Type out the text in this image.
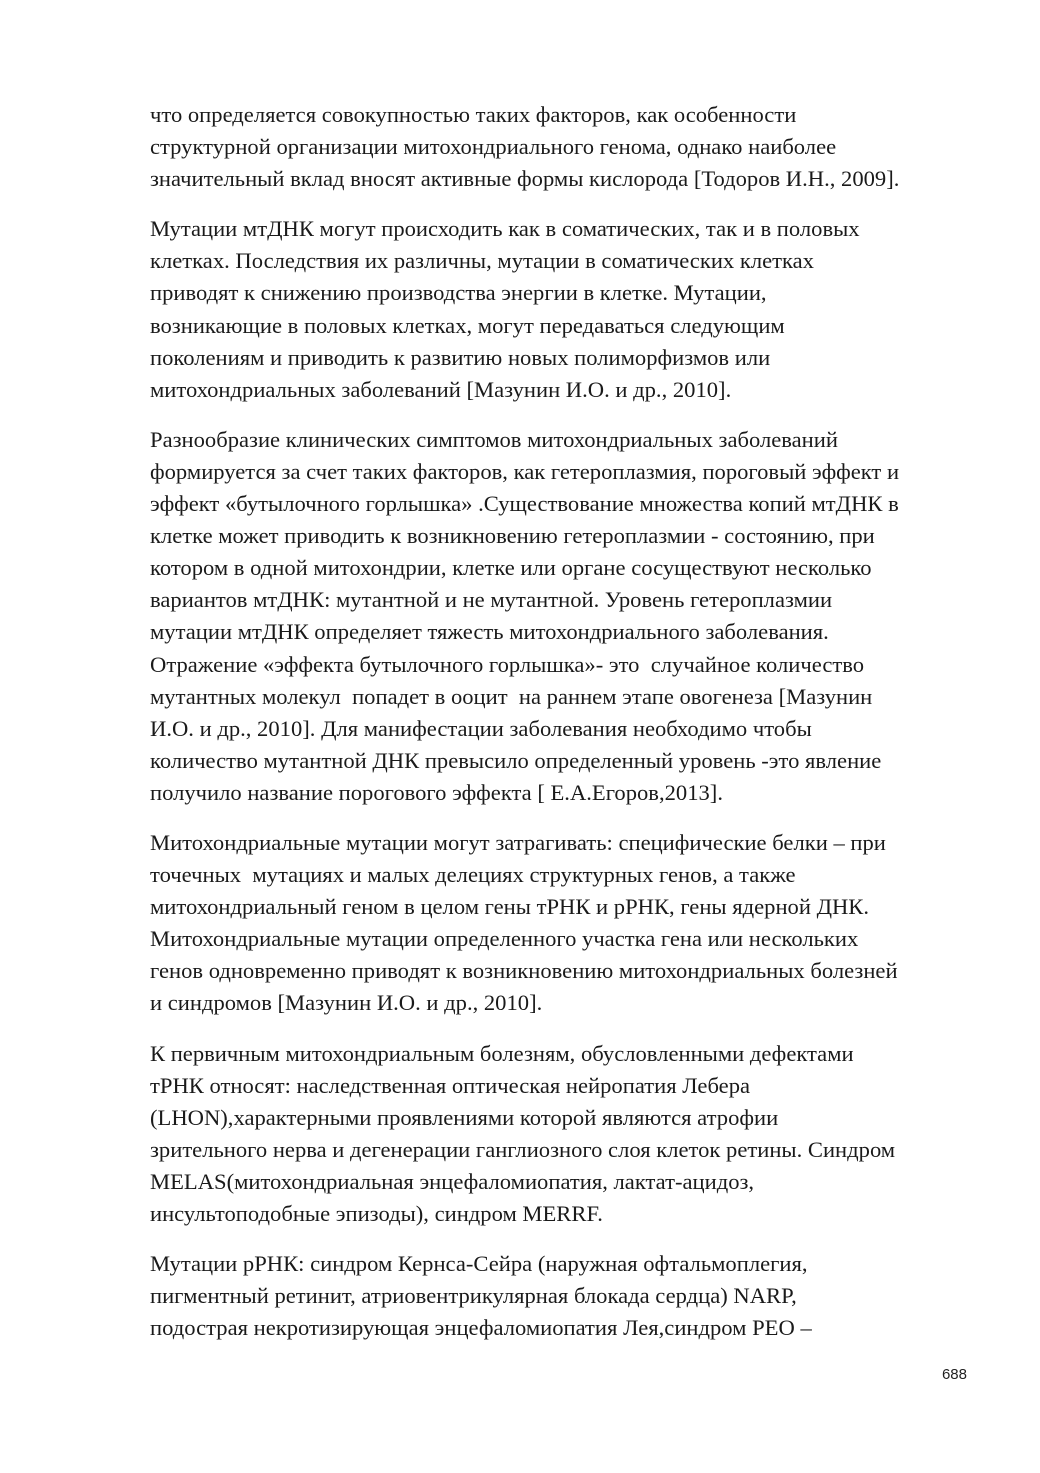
что определяется совокупностью таких факторов, как особенности
структурной организации митохондриального генома, однако наиболее
значительный вклад вносят активные формы кислорода [Тодоров И.Н., 2009].
Мутации мтДНК могут происходить как в соматических, так и в половых
клетках. Последствия их различны, мутации в соматических клетках
приводят к снижению производства энергии в клетке. Мутации,
возникающие в половых клетках, могут передаваться следующим
поколениям и приводить к развитию новых полиморфизмов или
митохондриальных заболеваний [Мазунин И.О. и др., 2010].
Разнообразие клинических симптомов митохондриальных заболеваний
формируется за счет таких факторов, как гетероплазмия, пороговый эффект и
эффект «бутылочного горлышка» .Существование множества копий мтДНК в
клетке может приводить к возникновению гетероплазмии - состоянию, при
котором в одной митохондрии, клетке или органе сосуществуют несколько
вариантов мтДНК: мутантной и не мутантной. Уровень гетероплазмии
мутации мтДНК определяет тяжесть митохондриального заболевания.
Отражение «эффекта бутылочного горлышка»- это  случайное количество
мутантных молекул  попадет в ооцит  на раннем этапе овогенеза [Мазунин
И.О. и др., 2010]. Для манифестации заболевания необходимо чтобы
количество мутантной ДНК превысило определенный уровень -это явление
получило название порогового эффекта [ Е.А.Егоров,2013].
Митохондриальные мутации могут затрагивать: специфические белки – при
точечных  мутациях и малых делециях структурных генов, а также
митохондриальный геном в целом гены тРНК и рРНК, гены ядерной ДНК.
Митохондриальные мутации определенного участка гена или нескольких
генов одновременно приводят к возникновению митохондриальных болезней
и синдромов [Мазунин И.О. и др., 2010].
К первичным митохондриальным болезням, обусловленными дефектами
тРНК относят: наследственная оптическая нейропатия Лебера
(LHON),характерными проявлениями которой являются атрофии
зрительного нерва и дегенерации ганглиозного слоя клеток ретины. Синдром
MELAS(митохондриальная энцефаломиопатия, лактат-ацидоз,
инсультоподобные эпизоды), синдром MERRF.
Мутации рРНК: синдром Кернса-Сейра (наружная офтальмоплегия,
пигментный ретинит, атриовентрикулярная блокада сердца) NARP,
подострая некротизирующая энцефаломиопатия Лея,синдром PEO –
688
